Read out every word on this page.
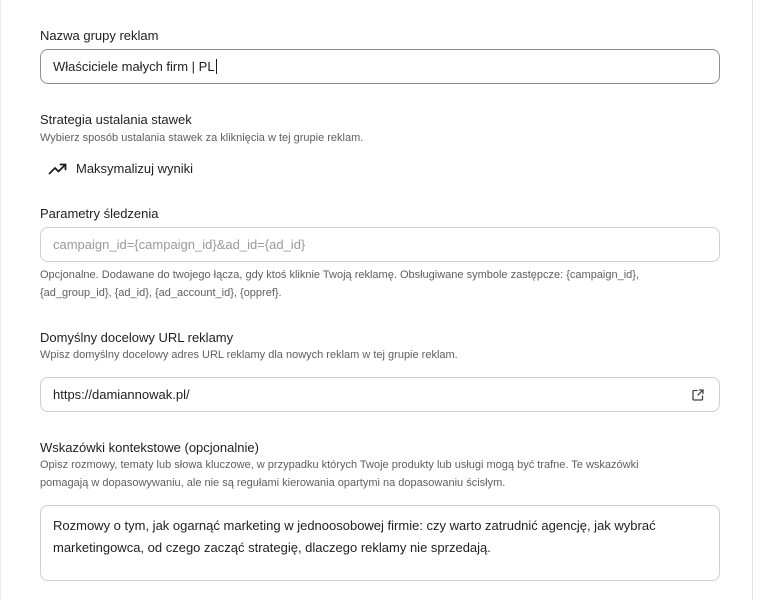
Nazwa grupy reklam
Właściciele małych firm | PL
Strategia ustalania stawek
Wybierz sposób ustalania stawek za kliknięcia w tej grupie reklam.
Maksymalizuj wyniki
Parametry śledzenia
campaign_id={campaign_id}&ad_id={ad_id}
Opcjonalne. Dodawane do twojego łącza, gdy ktoś kliknie Twoją reklamę. Obsługiwane symbole zastępcze: {campaign_id},
{ad_group_id}, {ad_id}, {ad_account_id}, {oppref}.
Domyślny docelowy URL reklamy
Wpisz domyślny docelowy adres URL reklamy dla nowych reklam w tej grupie reklam.
https://damiannowak.pl/
Wskazówki kontekstowe (opcjonalnie)
Opisz rozmowy, tematy lub słowa kluczowe, w przypadku których Twoje produkty lub usługi mogą być trafne. Te wskazówki
pomagają w dopasowywaniu, ale nie są regułami kierowania opartymi na dopasowaniu ścisłym.
Rozmowy o tym, jak ogarnąć marketing w jednoosobowej firmie: czy warto zatrudnić agencję, jak wybrać
marketingowca, od czego zacząć strategię, dlaczego reklamy nie sprzedają.
